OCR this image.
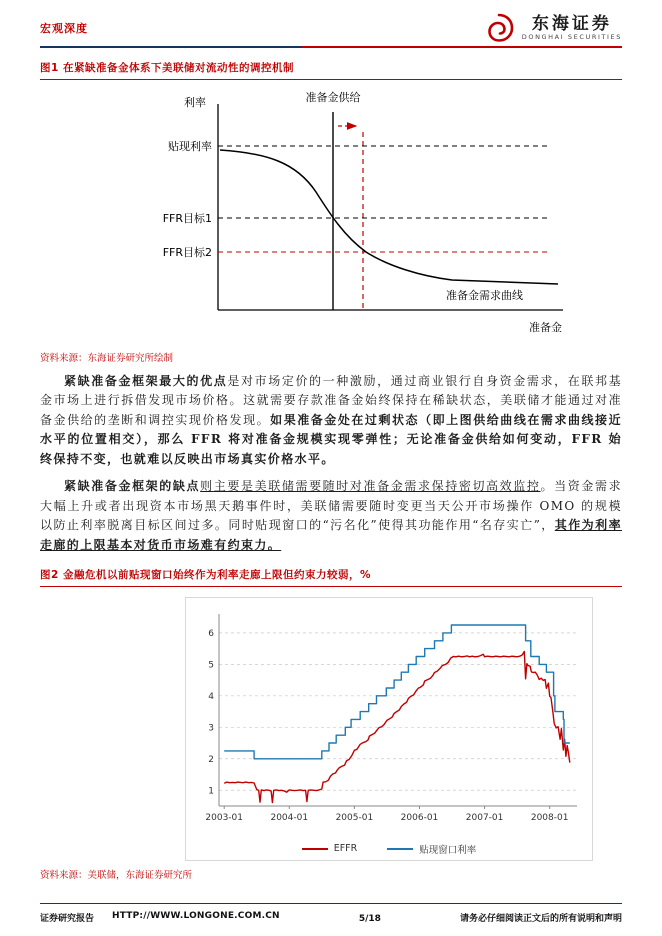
宏观深度	东海证券
DONGHAI SECURITIES
图1 在紧缺准备金体系下美联储对流动性的调控机制
利率
准备金
准备金供给
贴现利率
FFR目标1
FFR目标2
准备金需求曲线
资料来源：东海证券研究所绘制

紧缺准备金框架最大的优点是对市场定价的一种激励，通过商业银行自身资金需求，在联邦基金市场上进行拆借发现市场价格。这就需要存款准备金始终保持在稀缺状态，美联储才能通过对准备金供给的垄断和调控实现价格发现。如果准备金处在过剩状态（即上图供给曲线在需求曲线接近水平的位置相交），那么 FFR 将对准备金规模实现零弹性；无论准备金供给如何变动，FFR 始终保持不变，也就难以反映出市场真实价格水平。

紧缺准备金框架的缺点则主要是美联储需要随时对准备金需求保持密切高效监控。当资金需求大幅上升或者出现资本市场黑天鹅事件时，美联储需要随时变更当天公开市场操作 OMO 的规模以防止利率脱离目标区间过多。同时贴现窗口的“污名化”使得其功能作用“名存实亡”，其作为利率走廊的上限基本对货币市场难有约束力。

图2 金融危机以前贴现窗口始终作为利率走廊上限但约束力较弱，%
1
2
3
4
5
6
2003-01	2004-01	2005-01	2006-01	2007-01	2008-01
EFFR	贴现窗口利率
资料来源：美联储，东海证券研究所
证券研究报告 HTTP://WWW.LONGONE.COM.CN	5/18	请务必仔细阅读正文后的所有说明和声明
